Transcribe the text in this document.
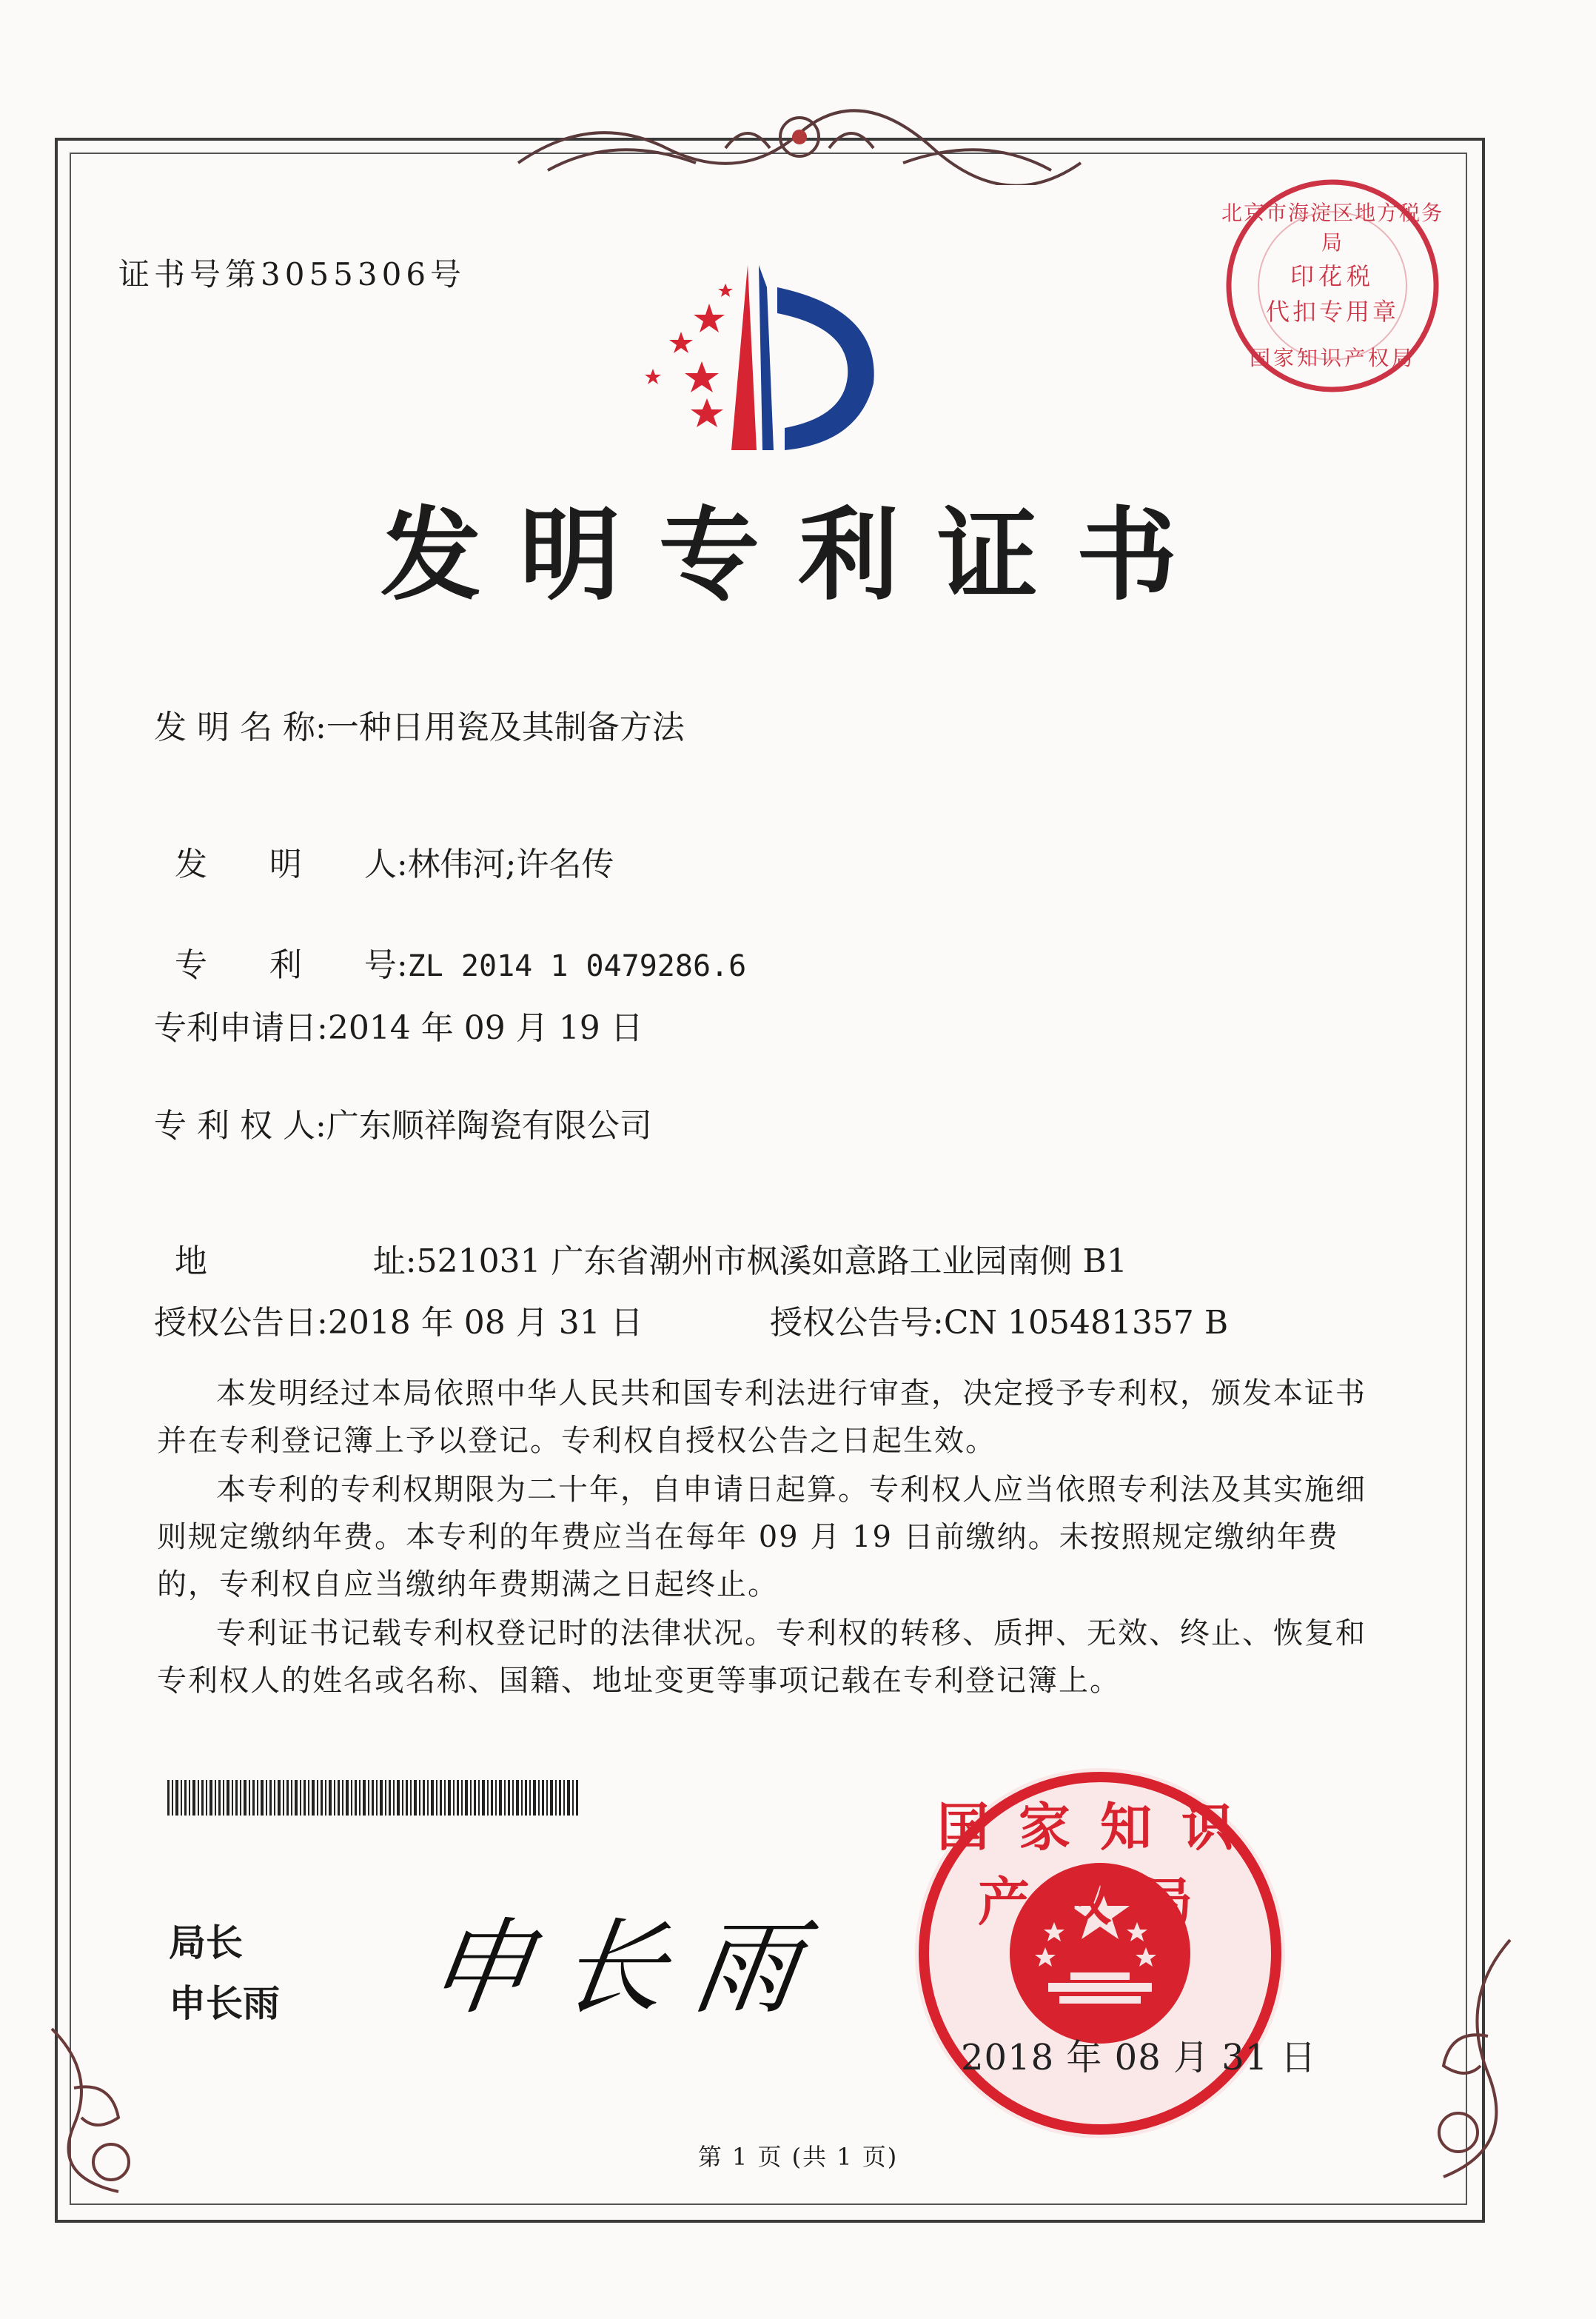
证书号第3055306号
北京市海淀区地方税务局
印花税
代扣专用章
国家知识产权局
发明专利证书
发 明 名 称:一种日用瓷及其制备方法

发      明      人:林伟河;许名传

专      利      号:ZL 2014 1 0479286.6

专利申请日:2014 年 09 月 19 日
专 利 权 人:广东顺祥陶瓷有限公司

地                址:521031 广东省潮州市枫溪如意路工业园南侧 B1

授权公告日:2018 年 08 月 31 日	授权公告号:CN 105481357 B

本发明经过本局依照中华人民共和国专利法进行审查，决定授予专利权，颁发本证书并在专利登记簿上予以登记。专利权自授权公告之日起生效。

本专利的专利权期限为二十年，自申请日起算。专利权人应当依照专利法及其实施细则规定缴纳年费。本专利的年费应当在每年 09 月 19 日前缴纳。未按照规定缴纳年费的，专利权自应当缴纳年费期满之日起终止。

专利证书记载专利权登记时的法律状况。专利权的转移、质押、无效、终止、恢复和专利权人的姓名或名称、国籍、地址变更等事项记载在专利登记簿上。

局长
申长雨 申长雨
国家知识产权局
2018 年 08 月 31 日
第 1 页 (共 1 页)
